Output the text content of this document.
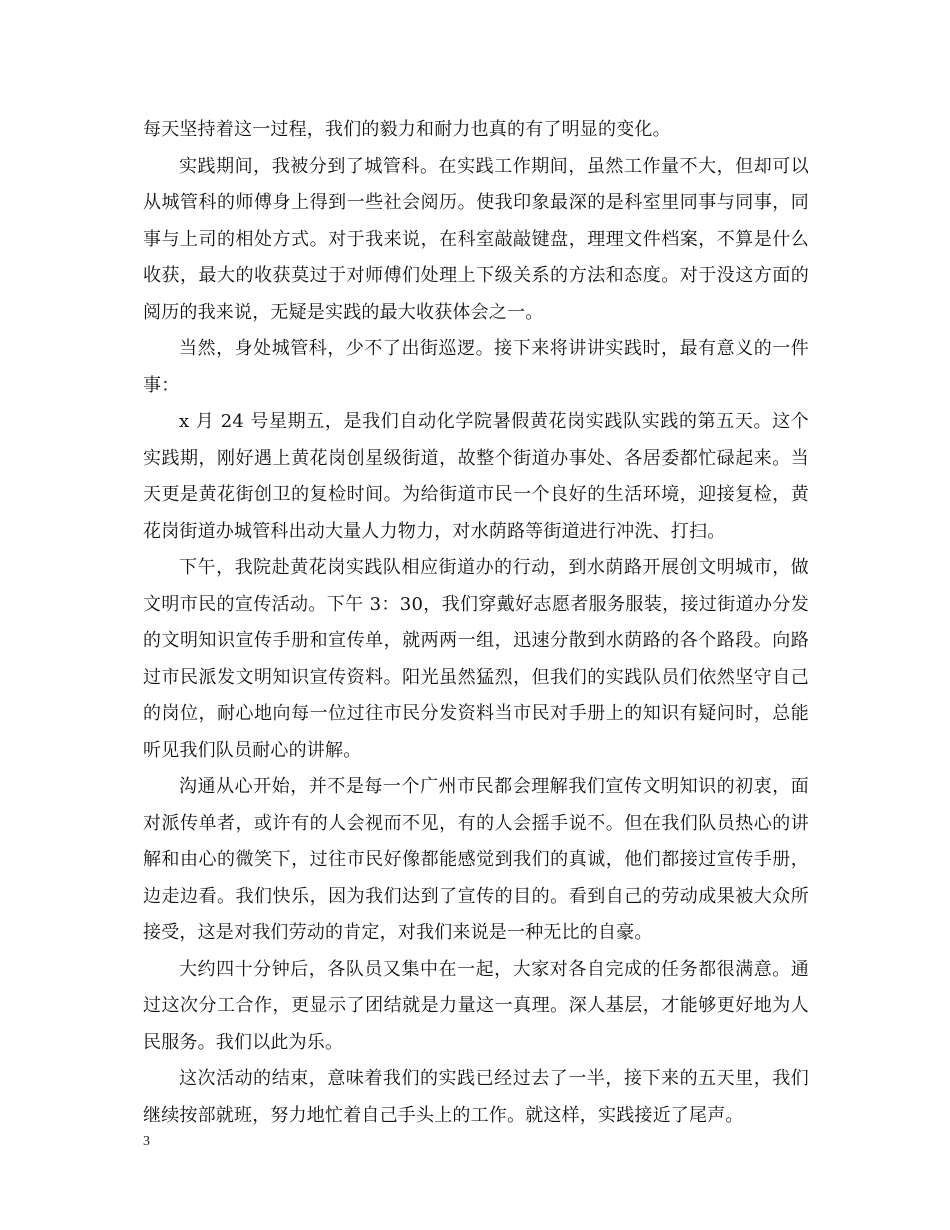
每天坚持着这一过程，我们的毅力和耐力也真的有了明显的变化。

实践期间，我被分到了城管科。在实践工作期间，虽然工作量不大，但却可以从城管科的师傅身上得到一些社会阅历。使我印象最深的是科室里同事与同事，同事与上司的相处方式。对于我来说，在科室敲敲键盘，理理文件档案，不算是什么收获，最大的收获莫过于对师傅们处理上下级关系的方法和态度。对于没这方面的阅历的我来说，无疑是实践的最大收获体会之一。

当然，身处城管科，少不了出街巡逻。接下来将讲讲实践时，最有意义的一件事：

x 月 24 号星期五，是我们自动化学院暑假黄花岗实践队实践的第五天。这个实践期，刚好遇上黄花岗创星级街道，故整个街道办事处、各居委都忙碌起来。当天更是黄花街创卫的复检时间。为给街道市民一个良好的生活环境，迎接复检，黄花岗街道办城管科出动大量人力物力，对水荫路等街道进行冲洗、打扫。

下午，我院赴黄花岗实践队相应街道办的行动，到水荫路开展创文明城市，做文明市民的宣传活动。下午 3：30，我们穿戴好志愿者服务服装，接过街道办分发的文明知识宣传手册和宣传单，就两两一组，迅速分散到水荫路的各个路段。向路过市民派发文明知识宣传资料。阳光虽然猛烈，但我们的实践队员们依然坚守自己的岗位，耐心地向每一位过往市民分发资料当市民对手册上的知识有疑问时，总能听见我们队员耐心的讲解。

沟通从心开始，并不是每一个广州市民都会理解我们宣传文明知识的初衷，面对派传单者，或许有的人会视而不见，有的人会摇手说不。但在我们队员热心的讲解和由心的微笑下，过往市民好像都能感觉到我们的真诚，他们都接过宣传手册，边走边看。我们快乐，因为我们达到了宣传的目的。看到自己的劳动成果被大众所接受，这是对我们劳动的肯定，对我们来说是一种无比的自豪。

大约四十分钟后，各队员又集中在一起，大家对各自完成的任务都很满意。通过这次分工合作，更显示了团结就是力量这一真理。深人基层，才能够更好地为人民服务。我们以此为乐。

这次活动的结束，意味着我们的实践已经过去了一半，接下来的五天里，我们继续按部就班，努力地忙着自己手头上的工作。就这样，实践接近了尾声。

3
